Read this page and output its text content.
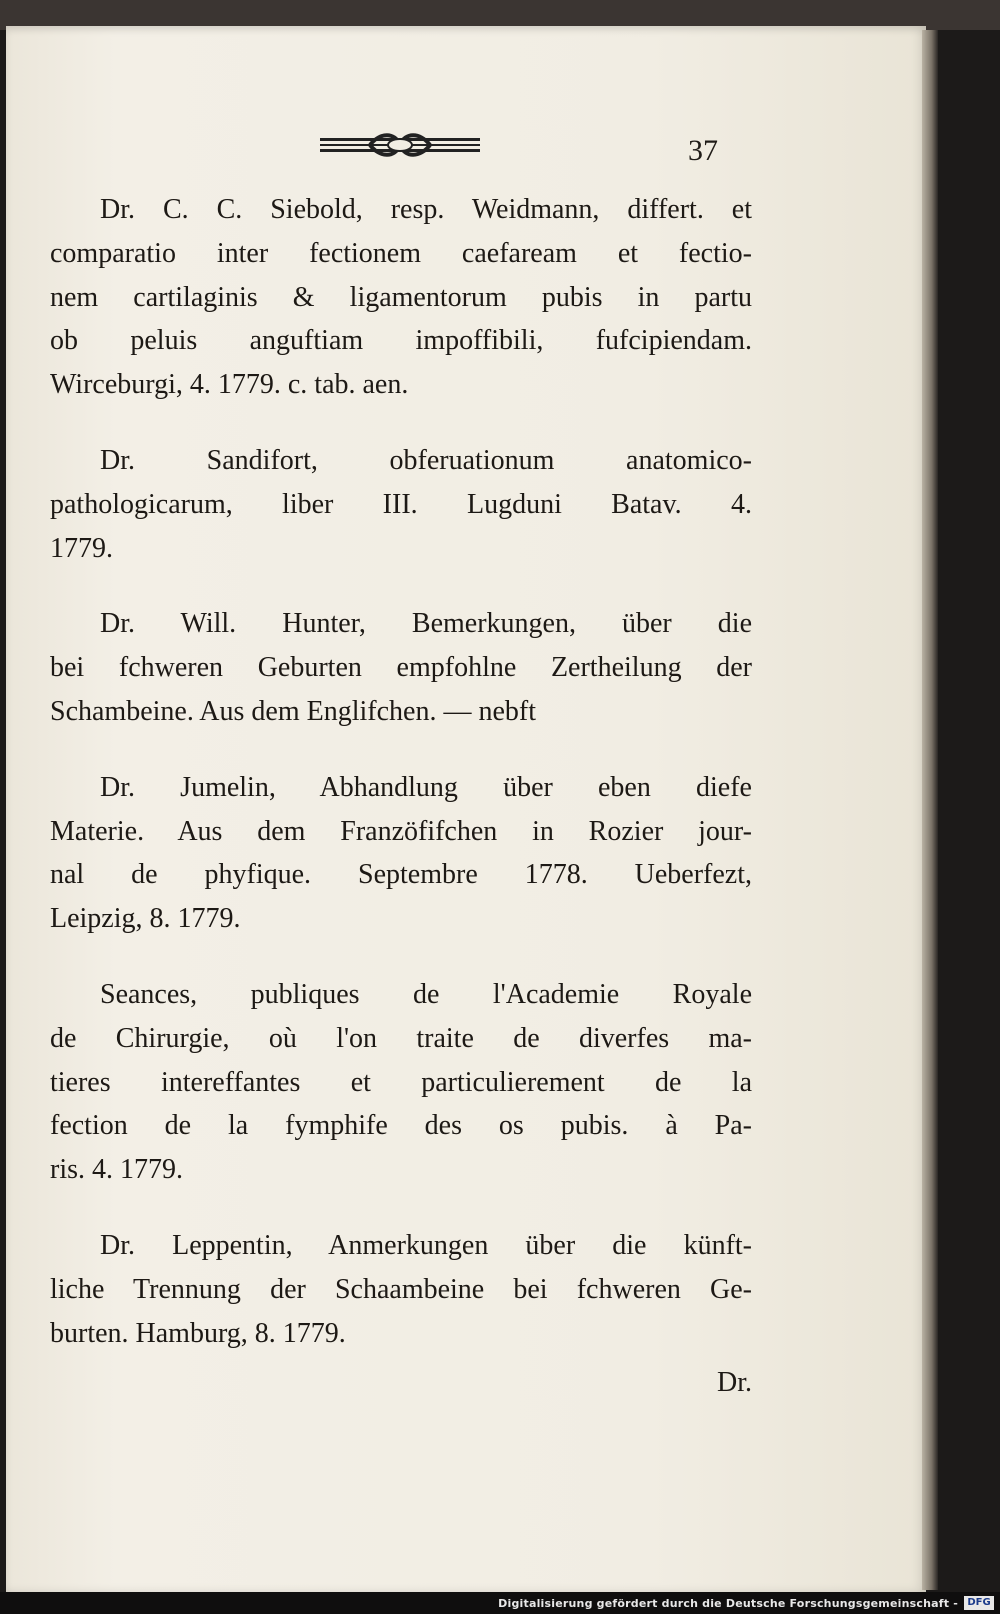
37
Dr. C. C. Siebold, resp. Weidmann, differt. et
comparatio inter fectionem caefaream et fectio-
nem cartilaginis & ligamentorum pubis in partu
ob peluis anguftiam impoffibili, fufcipiendam.
Wirceburgi, 4. 1779. c. tab. aen.
Dr. Sandifort, obferuationum anatomico-
pathologicarum, liber III. Lugduni Batav. 4.
1779.
Dr. Will. Hunter, Bemerkungen, über die
bei fchweren Geburten empfohlne Zertheilung der
Schambeine. Aus dem Englifchen. — nebft
Dr. Jumelin, Abhandlung über eben diefe
Materie. Aus dem Franzöfifchen in Rozier jour-
nal de phyfique. Septembre 1778. Ueberfezt,
Leipzig, 8. 1779.
Seances, publiques de l'Academie Royale
de Chirurgie, où l'on traite de diverfes ma-
tieres intereffantes et particulierement de la
fection de la fymphife des os pubis. à Pa-
ris. 4. 1779.
Dr. Leppentin, Anmerkungen über die künft-
liche Trennung der Schaambeine bei fchweren Ge-
burten. Hamburg, 8. 1779.
Dr.
Digitalisierung gefördert durch die Deutsche Forschungsgemeinschaft - DFG
